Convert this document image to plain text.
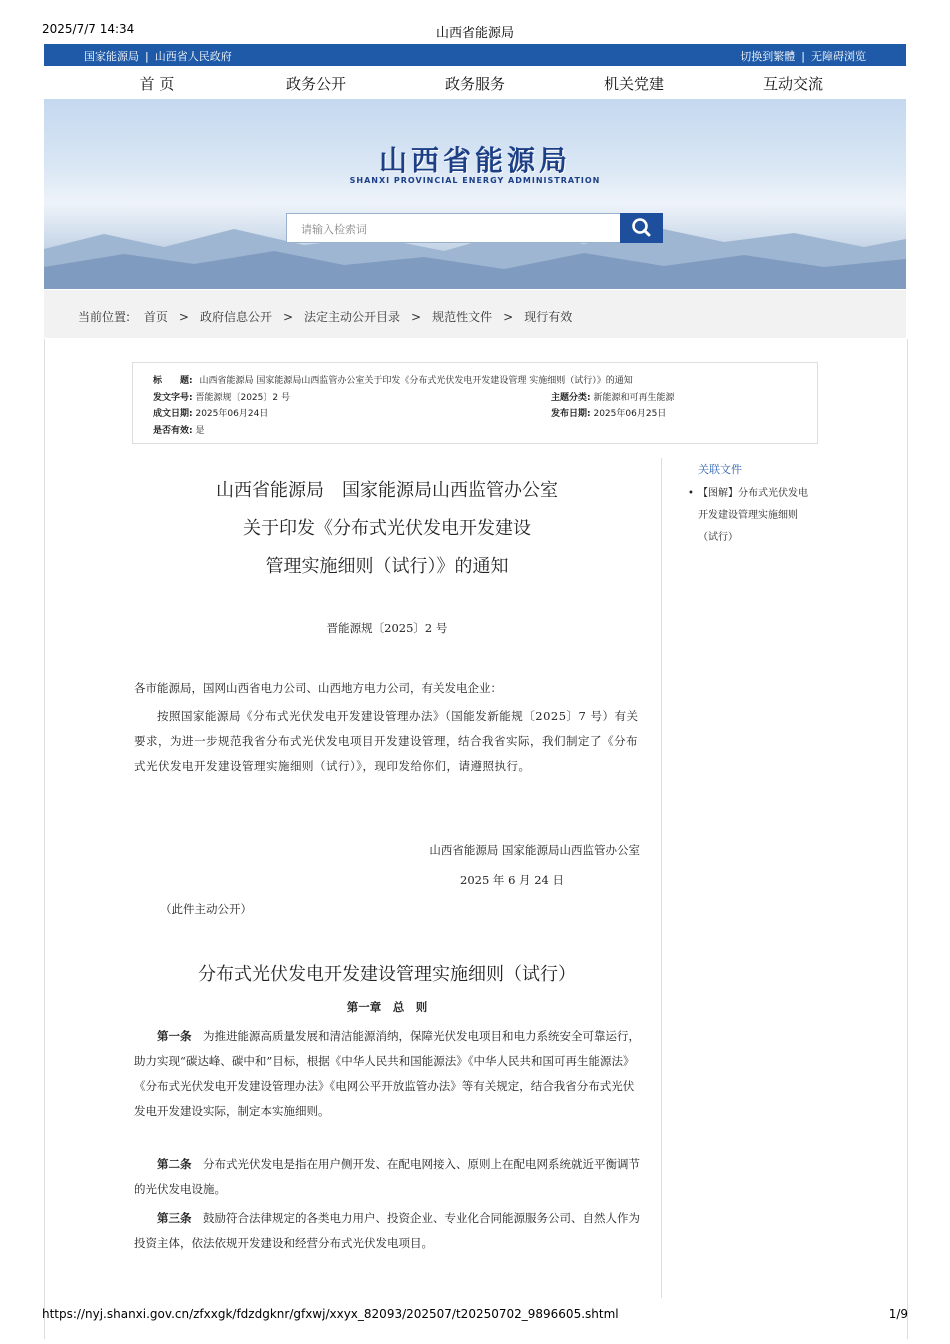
2025/7/7 14:34	山西省能源局
国家能源局 | 山西省人民政府	切换到繁體 | 无障碍浏览
首 页	政务公开	政务服务	机关党建	互动交流
山西省能源局
SHANXI PROVINCIAL ENERGY ADMINISTRATION
请输入检索词
当前位置: 首页 > 政府信息公开 > 法定主动公开目录 > 规范性文件 > 现行有效
标　　题: 山西省能源局 国家能源局山西监管办公室关于印发《分布式光伏发电开发建设管理 实施细则（试行）》的通知
发文字号: 晋能源规〔2025〕2 号	主题分类: 新能源和可再生能源
成文日期: 2025年06月24日	发布日期: 2025年06月25日
是否有效: 是
关联文件
• 【图解】分布式光伏发电开发建设管理实施细则（试行）
山西省能源局　国家能源局山西监管办公室
关于印发《分布式光伏发电开发建设
管理实施细则（试行）》的通知
晋能源规〔2025〕2 号
各市能源局，国网山西省电力公司、山西地方电力公司，有关发电企业：
按照国家能源局《分布式光伏发电开发建设管理办法》（国能发新能规〔2025〕7 号）有关要求，为进一步规范我省分布式光伏发电项目开发建设管理，结合我省实际，我们制定了《分布式光伏发电开发建设管理实施细则（试行）》，现印发给你们，请遵照执行。
山西省能源局 国家能源局山西监管办公室
2025 年 6 月 24 日
（此件主动公开）
分布式光伏发电开发建设管理实施细则（试行）
第一章　总　则
第一条　 为推进能源高质量发展和清洁能源消纳，保障光伏发电项目和电力系统安全可靠运行，助力实现“碳达峰、碳中和”目标，根据《中华人民共和国能源法》《中华人民共和国可再生能源法》《分布式光伏发电开发建设管理办法》《电网公平开放监管办法》等有关规定，结合我省分布式光伏发电开发建设实际，制定本实施细则。
第二条　 分布式光伏发电是指在用户侧开发、在配电网接入、原则上在配电网系统就近平衡调节的光伏发电设施。
第三条　 鼓励符合法律规定的各类电力用户、投资企业、专业化合同能源服务公司、自然人作为投资主体，依法依规开发建设和经营分布式光伏发电项目。
https://nyj.shanxi.gov.cn/zfxxgk/fdzdgknr/gfxwj/xxyx_82093/202507/t20250702_9896605.shtml	1/9
